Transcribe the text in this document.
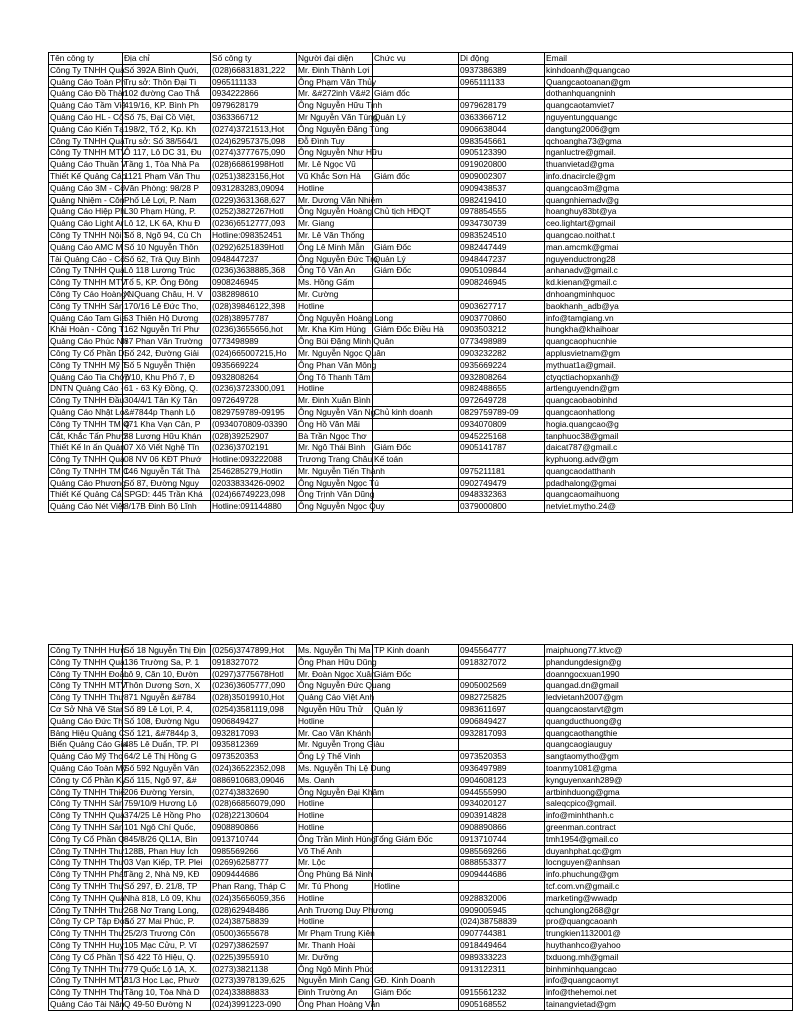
Tên công ty	Địa chỉ	Số công ty	Người đại diện	Chức vụ	Di động	Email
Công Ty TNHH Quả	Số 392A Bình Quới,	(028)66831831,222	Mr. Đinh Thành Lợi		0937386389	kinhdoanh@quangcao
Quảng Cáo Toàn Ph	Trụ sở: Thôn Đại Tì	0965111133	Ông Phạm Văn Thủy		0965111133	Quangcaotoanan@gm
Quảng Cáo Đồ Thàn	102 đường Cao Thắ	0934222866	Mr. &#272inh V&#2	Giám đốc		dothanhquangninh
Quảng Cáo Tầm Việ	419/16, KP. Bình Ph	0979628179	Ông Nguyễn Hữu Tịnh		0979628179	quangcaotamviet7
Quảng Cáo HL - Cô	Số 75, Đại Cồ Việt,	0363366712	Mr Nguyễn Văn Tùng	Quản Lý	0363366712	nguyentungquangc
Quảng Cáo Kiến Tạ	198/2, Tổ 2, Kp. Kh	(0274)3721513,Hot	Ông Nguyễn Đăng Tùng		0906638044	dangtung2006@gm
Công Ty TNHH Quả	Trụ sở: Số 38/564/1	(024)62957375,098	Đỗ Đình Tuy		0983545661	qchoangha73@gma
Công Ty TNHH MTV	Ô 117, Lô DC 31, Đu	(0274)3777675,090	Ông Nguyễn Như Hữu		0905123390	nganluctre@gmail.
Quảng Cáo Thuần V	Tầng 1, Tòa Nhà Pa	(028)66861998Hotl	Mr. Lê Ngọc Vũ		0919020800	thuanvietad@gma
Thiết Kế Quảng Cáo	1121 Phạm Văn Thu	(0251)3823156,Hot	Vũ Khắc Sơn Hà	Giám đốc	0909002307	info.dnacircle@gm
Quảng Cáo 3M - Cô	Văn Phòng: 98/28 P	0931283283,09094	Hotline		0909438537	quangcao3m@gma
Quảng Nhiệm - Côn	Phố Lê Lợi, P. Nam	(0229)3631368,627	Mr. Dương Văn Nhiệm		0982419410	quangnhiemadv@g
Quảng Cáo Hiệp Ph	L30 Phạm Hùng, P.	(0252)3827267Hotl	Ông Nguyễn Hoàng	Chủ tịch HĐQT	0978854555	hoanghuy83bt@ya
Quảng Cáo Light Ar	Lô 12, LK 6A, Khu Đ	(0236)6512777,093	Mr. Giang		0934730739	ceo.lightart@gmail
Công Ty TNHH Nội T	Số 8, Ngõ 94, Cù Ch	Hotline:098352451	Mr. Lê Văn Thống		0983524510	quangcao.noithat.t
Quảng Cáo AMC M	Số 10 Nguyễn Thôn	(0292)6251839Hotl	Ông Lê Minh Mẫn	Giám Đốc	0982447449	man.amcmk@gmai
Tài Quảng Cáo - Cố	Số 62, Trà Quy Bình	0948447237	Ông Nguyễn Đức Trọ	Quản Lý	0948447237	nguyenductrong28
Công Ty TNHH Quả	Lô 118 Lương Trúc	(0236)3638885,368	Ông Tô Văn An	Giám Đốc	0905109844	anhanadv@gmail.c
Công Ty TNHH MTV	Tổ 5, KP. Ông Đông	0908246945	Ms. Hồng Gấm		0908246945	kd.kienan@gmail.c
Công Ty Cáo Hoàng N	X. Quang Châu, H. V	0382898610	Mr. Cường			dnhoangminhquoc
Công Ty TNHH Sản	170/16 Lê Đức Tho,	(028)39846122,398	Hotline		0903627717	baokhanh_adb@ya
Quảng Cáo Tam Gia	53 Thiên Hộ Dương	(028)38957787	Ông Nguyễn Hoàng Long		0903770860	info@tamgiang.vn
Khải Hoàn - Công T	162 Nguyễn Trí Phư	(0236)3655656,hot	Mr. Kha Kim Hùng	Giám Đốc Điều Hà	0903503212	hungkha@khaihoar
Quảng Cáo Phúc Nh	87 Phan Văn Trường	0773498989	Ông Bùi Đặng Minh Quân		0773498989	quangcaophucnhie
Công Ty Cổ Phần Dị	Số 242, Đường Giải	(024)665007215,Ho	Mr. Nguyễn Ngọc Quân		0903232282	applusvietnam@gm
Công Ty TNHH Mỹ T	Số 5 Nguyễn Thiện	0935669224	Ông Phan Văn Mông		0935669224	mythuat1a@gmail.
Quảng Cáo Tia Chớp	7/10, Khu Phố 7, Đ	0932808264	Ông Tô Thanh Tâm		0932808264	ctyqctiachopxanh@
DNTN Quảng Cáo -	61 - 63 Kỳ Đồng, Q.	(0236)3723300,091	Hotline		0982488655	artlenguyendn@gm
Công Ty TNHH Đầu	304/4/1 Tân Kỳ Tân	0972649728	Mr. Đinh Xuân Bình		0972649728	quangcaobaobinhd
Quảng Cáo Nhật Lo	&#7844p Thạnh Lộ	0829759789-09195	Ông Nguyễn Văn Ng	Chủ kinh doanh	0829759789-09	quangcaonhatlong
Công Ty TNHH TM Q	471 Kha Vạn Cân, P	(0934070809-03390	Ông Hồ Văn Mãi		0934070809	hogia.quangcao@g
Cắt, Khắc Tấn Phướ	38 Lương Hữu Khán	(028)39252907	Bà Trần Ngọc Thơ		0945225168	tanphuoc38@gmail
Thiết Kế In ấn Quản	07 Xô Viết Nghệ Tĩn	(0236)3702191	Mr. Ngô Thái Bình	Giám Đốc	0905141787	daicat787@gmail.c
Công Ty TNHH Quả	08 NV 06 KĐT Phướ	Hotline:093222088	Trương Trang Châu	Kế toán		kyphuong.adv@gm
Công Ty TNHH TM C	146 Nguyễn Tất Thà	2546285279,Hotlin	Mr. Nguyễn Tiến Thành		0975211181	quangcaodatthanh
Quảng Cáo Phương	Số 87, Đường Nguy	02033833426-0902	Ông Nguyễn Ngọc Tú		0902749479	pdadhalong@gmai
Thiết Kế Quảng Cá	SPGD: 445 Trần Khá	(024)66749223,098	Ông Trịnh Văn Dũng		0948332363	quangcaomaihuong
Quảng Cáo Nét Việt	8/17B Đinh Bộ Lĩnh	Hotline:091144880	Ông Nguyễn Ngọc Quy		0379000800	netviet.mytho.24@
Công Ty TNHH Hưn	Số 18 Nguyễn Thị Địn	(0256)3747899,Hot	Ms. Nguyễn Thị Ma	TP Kinh doanh	0945564777	maiphuong77.ktvc@
Công Ty TNHH Quả	136 Trường Sa, P. 1	0918327072	Ông Phan Hữu Dũng		0918327072	phandungdesign@g
Công Ty TNHH Đoàn	Lô 9, Căn 10, Đườn	(0297)3775678Hotl	Mr. Đoàn Ngọc Xuân	Giám Đốc		doanngocxuan1990
Công Ty TNHH MTV	Thôn Dương Sơn, X	(0236)3605777,090	Ông Nguyễn Đức Quang		0905002569	quangad.dn@gmail
Công Ty TNHH Thư	871 Nguyễn &#784	(028)35019910,Hot	Quảng Cáo Việt Anh		0982725825	ledvietanh2007@gm
Cơ Sở Nhà Vẽ Star	Số 89 Lê Lợi, P. 4,	(0254)3581119,098	Nguyễn Hữu Thử	Quản lý	0983611697	quangcaostarvt@gm
Quảng Cáo Đức Th	Số 108, Đường Ngu	0906849427	Hotline		0906849427	quangducthuong@g
Bảng Hiệu Quảng C	Số 121, &#7844p 3,	0932817093	Mr. Cao Văn Khánh		0932817093	quangcaothangthie
Biển Quảng Cáo Gia	485 Lê Duẩn, TP. Pl	0935812369	Mr. Nguyễn Trọng Giàu			quangcaogiauguy
Quảng Cáo Mỹ Tho	64/2 Lê Thị Hồng G	0973520353	Ông Lý Thế Vinh		0973520353	sangtaomytho@gm
Quảng Cáo Toàn Mỹ	Số 592 Nguyễn Văn	(024)36522352,098	Ms. Nguyễn Thị Lệ Dung		0936497989	toanmy1081@gma
Công ty Cổ Phần Ky	Số 115, Ngõ 97, &#	0886910683,09046	Ms. Oanh		0904608123	kynguyenxanh289@
Công Ty TNHH Thiế	206 Đường Yersin,	(0274)3832690	Ông Nguyễn Đại Khâm		0944555990	artbinhduong@gma
Công Ty TNHH Sản	759/10/9 Hương Lộ	(028)66856079,090	Hotline		0934020127	saleqcpico@gmail.
Công Ty TNHH Quả	374/25 Lê Hồng Pho	(028)22130604	Hotline		0903914828	info@minhthanh.c
Công Ty TNHH Sản	101 Ngô Chí Quốc,	0908890866	Hotline		0908890866	greenman.contract
Công Ty Cổ Phần Q	845/8/26 QL1A, Bìn	0913710744	Ông Trần Minh Hùng	Tổng Giám Đốc	0913710744	tmh1954@gmail.co
Công Ty TNHH Thư	128B, Phan Huy Ích	0985569266	Võ Thế Anh		0985569266	duyanhphat.qc@gm
Công Ty TNHH Thư	03 Vạn Kiếp, TP. Plei	(0269)6258777	Mr. Lộc		0888553377	locnguyen@anhsan
Công Ty TNHH Phát	Tầng 2, Nhà N9, KĐ	0909444686	Ông Phùng Bá Ninh		0909444686	info.phuchung@gm
Công Ty TNHH Thư	Số 297, Đ. 21/8, TP	Phan Rang, Tháp C	Mr. Tú Phong	Hotline		tcf.com.vn@gmail.c
Công Ty TNHH Quả	Nhà 818, Lô 09, Khu	(024)35656059,356	Hotline		0928832006	marketing@wwadp
Công Ty TNHH Thư	268 Nơ Trang Long,	(028)62948486	Anh Trương Duy Phương		0909005945	qchunglong268@gr
Công Ty CP Tập Đoà	Số 27 Mai Phúc, P.	(024)38758839	Hotline		(024)38758839	pro@quangcaoanh
Công Ty TNHH Thư	25/2/3 Trương Côn	(0500)3655678	Mr Phạm Trung Kiên		0907744381	trungkien1132001@
Công Ty TNHH Huy	105 Mạc Cửu, P. Vĩ	(0297)3862597	Mr. Thanh Hoài		0918449464	huythanhco@yahoo
Công Ty Cổ Phần T	Số 422 Tô Hiệu, Q.	(0225)3955910	Mr. Dưỡng		0989333223	txduong.mh@gmail
Công Ty TNHH Thư	779 Quốc Lộ 1A, X.	(0273)3821138	Ông Ngô Minh Phúc		0913122311	binhminhquangcao
Công Ty TNHH MTV	31/3 Học Lạc, Phườ	(0273)3978139,625	Nguyễn Minh Cang	GĐ. Kinh Doanh		info@quangcaomyt
Công Ty TNHH Thư	Tầng 10, Tòa Nhà D	(024)33888833	Đinh Trường An	Giám Đốc	0915561232	info@thehemoi.net
Quảng Cáo Tài Năn	Q 49-50 Đường N	(024)3991223-090	Ông Phan Hoàng Văn		0905168552	tainangvietad@gm
